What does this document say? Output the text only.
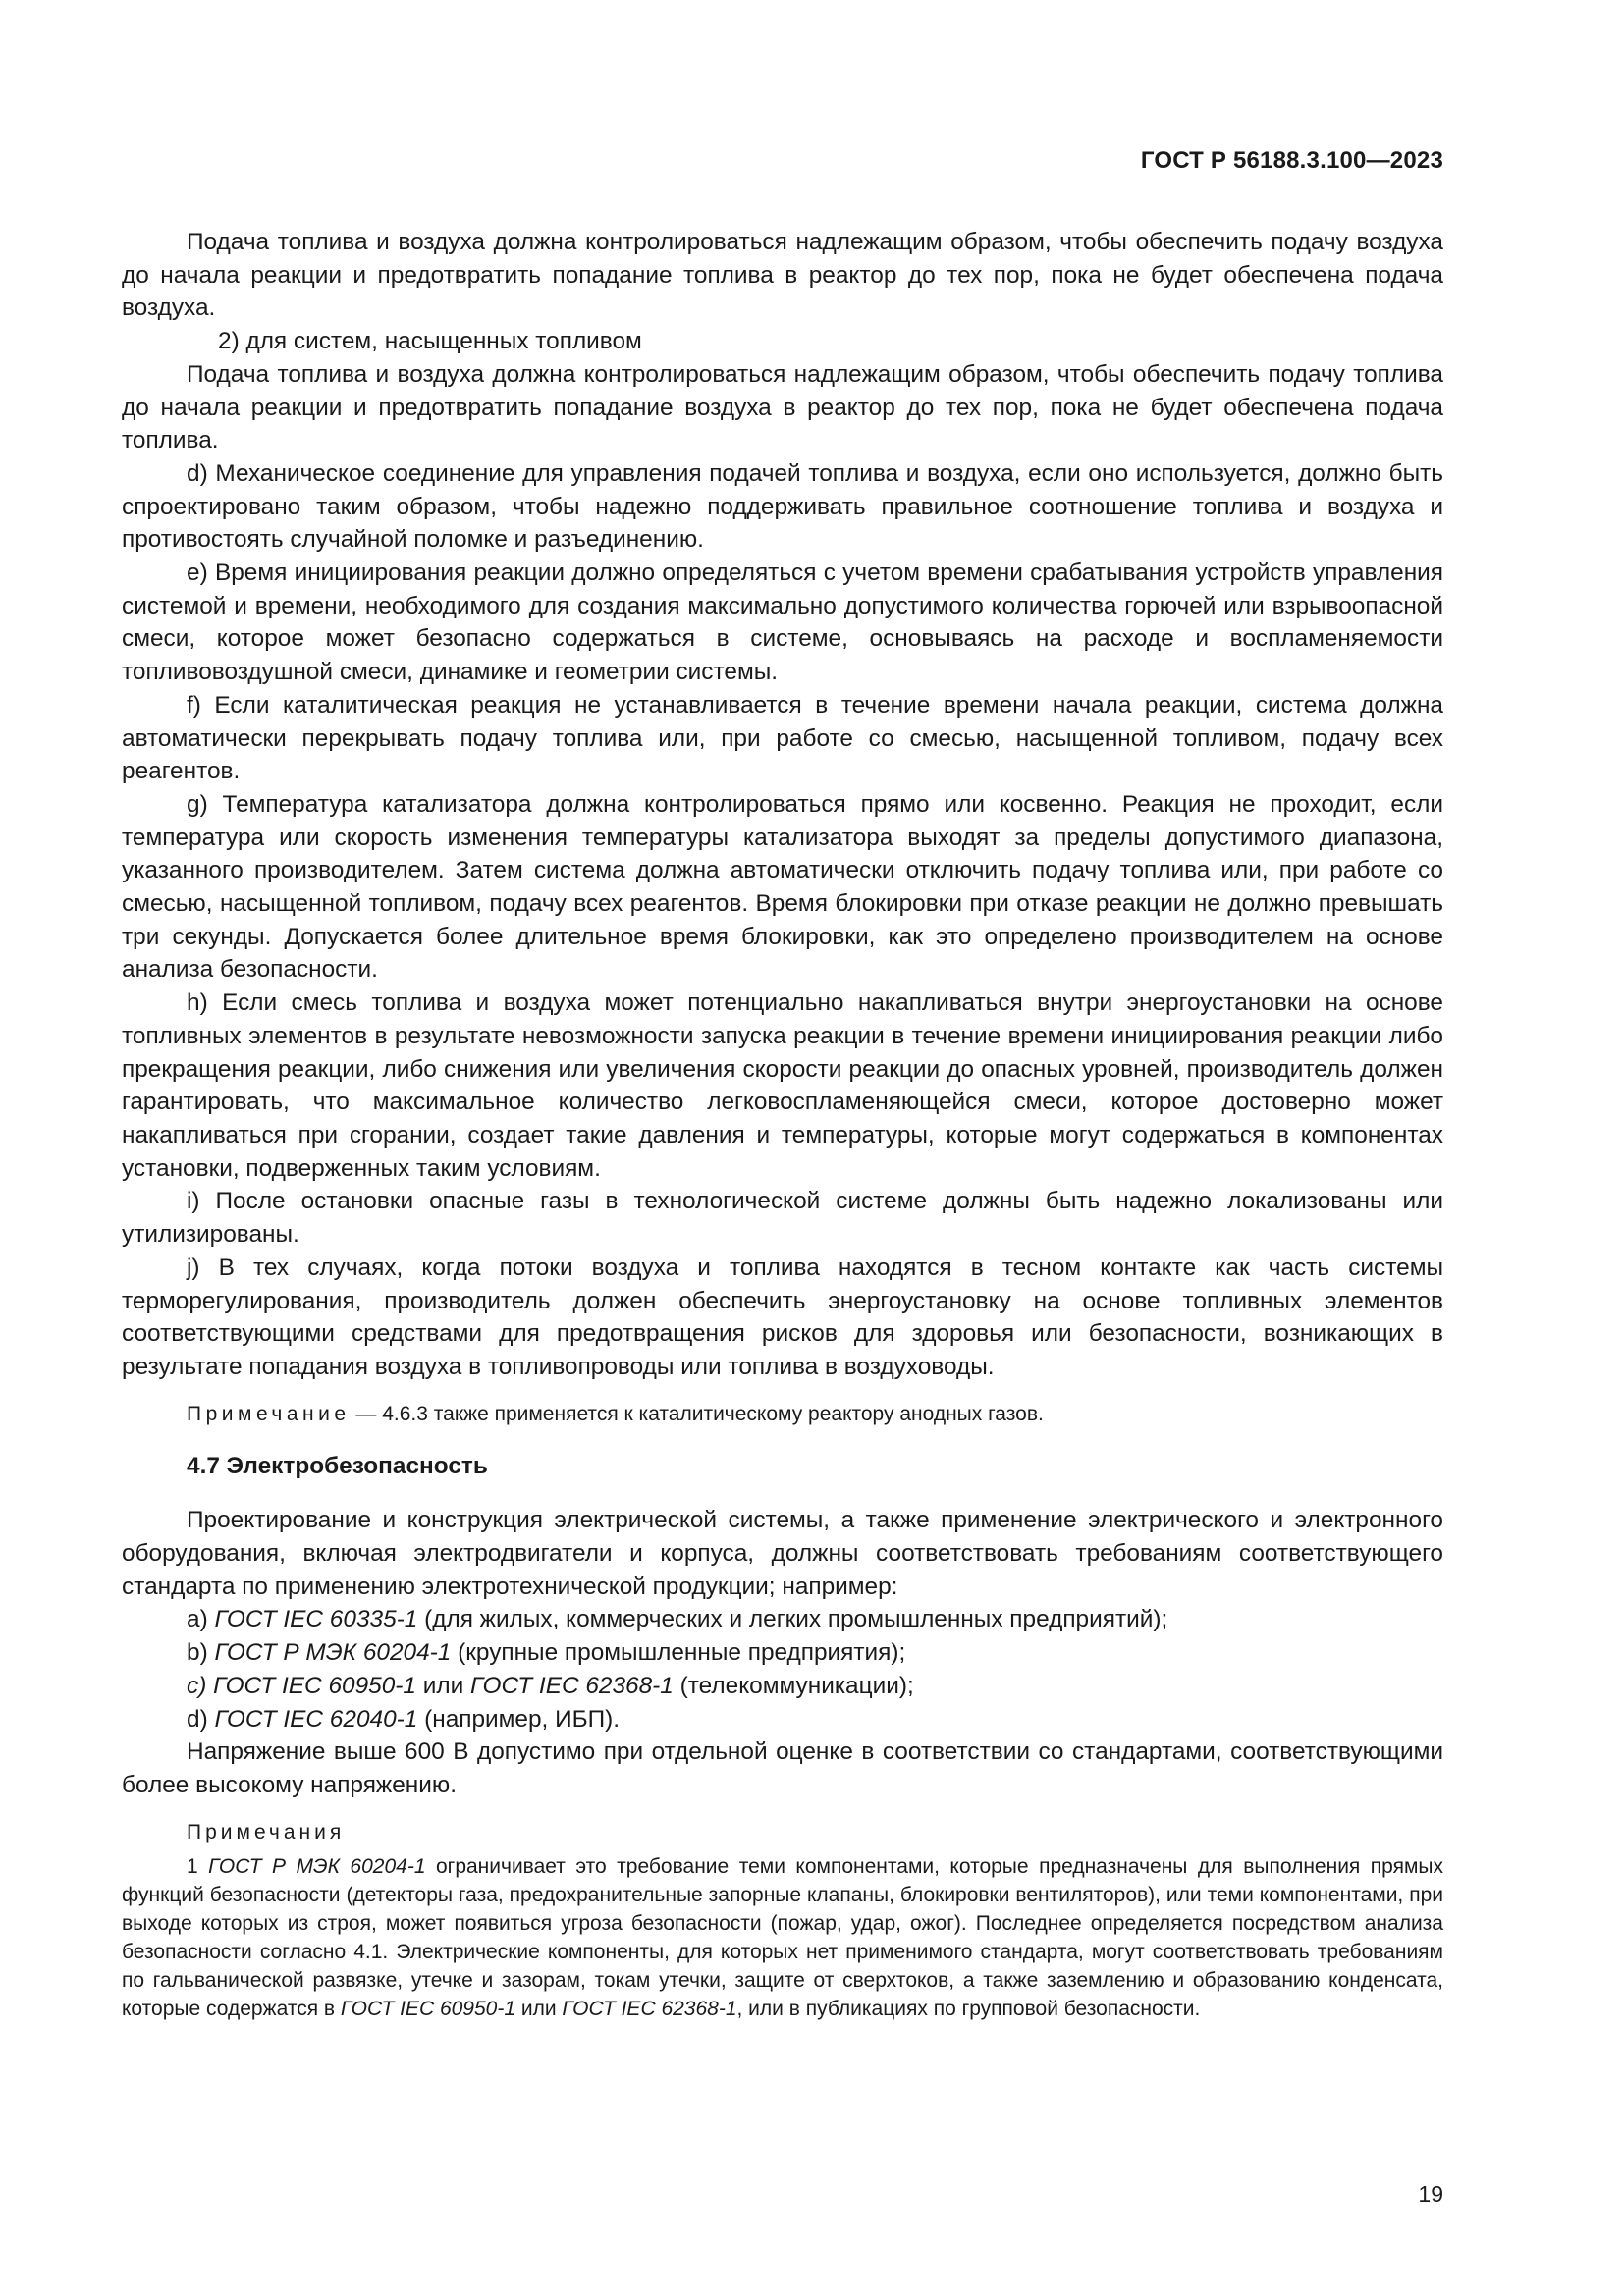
ГОСТ Р 56188.3.100—2023

Подача топлива и воздуха должна контролироваться надлежащим образом, чтобы обеспечить подачу воздуха до начала реакции и предотвратить попадание топлива в реактор до тех пор, пока не будет обеспечена подача воздуха.

2) для систем, насыщенных топливом

Подача топлива и воздуха должна контролироваться надлежащим образом, чтобы обеспечить подачу топлива до начала реакции и предотвратить попадание воздуха в реактор до тех пор, пока не будет обеспечена подача топлива.

d) Механическое соединение для управления подачей топлива и воздуха, если оно используется, должно быть спроектировано таким образом, чтобы надежно поддерживать правильное соотношение топлива и воздуха и противостоять случайной поломке и разъединению.

e) Время инициирования реакции должно определяться с учетом времени срабатывания устройств управления системой и времени, необходимого для создания максимально допустимого количества горючей или взрывоопасной смеси, которое может безопасно содержаться в системе, основываясь на расходе и воспламеняемости топливовоздушной смеси, динамике и геометрии системы.

f) Если каталитическая реакция не устанавливается в течение времени начала реакции, система должна автоматически перекрывать подачу топлива или, при работе со смесью, насыщенной топливом, подачу всех реагентов.

g) Температура катализатора должна контролироваться прямо или косвенно. Реакция не проходит, если температура или скорость изменения температуры катализатора выходят за пределы допустимого диапазона, указанного производителем. Затем система должна автоматически отключить подачу топлива или, при работе со смесью, насыщенной топливом, подачу всех реагентов. Время блокировки при отказе реакции не должно превышать три секунды. Допускается более длительное время блокировки, как это определено производителем на основе анализа безопасности.

h) Если смесь топлива и воздуха может потенциально накапливаться внутри энергоустановки на основе топливных элементов в результате невозможности запуска реакции в течение времени инициирования реакции либо прекращения реакции, либо снижения или увеличения скорости реакции до опасных уровней, производитель должен гарантировать, что максимальное количество легковоспламеняющейся смеси, которое достоверно может накапливаться при сгорании, создает такие давления и температуры, которые могут содержаться в компонентах установки, подверженных таким условиям.

i) После остановки опасные газы в технологической системе должны быть надежно локализованы или утилизированы.

j) В тех случаях, когда потоки воздуха и топлива находятся в тесном контакте как часть системы терморегулирования, производитель должен обеспечить энергоустановку на основе топливных элементов соответствующими средствами для предотвращения рисков для здоровья или безопасности, возникающих в результате попадания воздуха в топливопроводы или топлива в воздуховоды.

Примечание — 4.6.3 также применяется к каталитическому реактору анодных газов.

4.7 Электробезопасность

Проектирование и конструкция электрической системы, а также применение электрического и электронного оборудования, включая электродвигатели и корпуса, должны соответствовать требованиям соответствующего стандарта по применению электротехнической продукции; например:

a) ГОСТ IEC 60335-1 (для жилых, коммерческих и легких промышленных предприятий);

b) ГОСТ Р МЭК 60204-1 (крупные промышленные предприятия);

c) ГОСТ IEC 60950-1 или ГОСТ IEC 62368-1 (телекоммуникации);

d) ГОСТ IEC 62040-1 (например, ИБП).

Напряжение выше 600 В допустимо при отдельной оценке в соответствии со стандартами, соответствующими более высокому напряжению.

Примечания

1 ГОСТ Р МЭК 60204-1 ограничивает это требование теми компонентами, которые предназначены для выполнения прямых функций безопасности (детекторы газа, предохранительные запорные клапаны, блокировки вентиляторов), или теми компонентами, при выходе которых из строя, может появиться угроза безопасности (пожар, удар, ожог). Последнее определяется посредством анализа безопасности согласно 4.1. Электрические компоненты, для которых нет применимого стандарта, могут соответствовать требованиям по гальванической развязке, утечке и зазорам, токам утечки, защите от сверхтоков, а также заземлению и образованию конденсата, которые содержатся в ГОСТ IEC 60950-1 или ГОСТ IEC 62368-1, или в публикациях по групповой безопасности.

19
